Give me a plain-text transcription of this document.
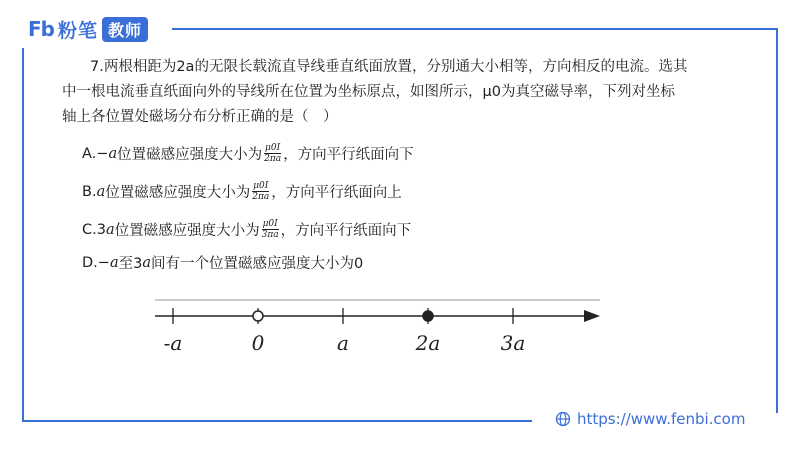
Fb 粉笔 教师
7.两根相距为2a的无限长载流直导线垂直纸面放置，分别通大小相等，方向相反的电流。选其
中一根电流垂直纸面向外的导线所在位置为坐标原点，如图所示，μ0为真空磁导率，下列对坐标
轴上各位置处磁场分布分析正确的是（　）
A.− a 位置磁感应强度大小为 $\frac{\mu 0I}{2\pi a}$ ，方向平行纸面向下
B. a 位置磁感应强度大小为 $\frac{\mu 0I}{2\pi a}$ ，方向平行纸面向上
C.3 a 位置磁感应强度大小为 $\frac{\mu 0I}{3\pi a}$ ，方向平行纸面向下
D.− a 至3 a 间有一个位置磁感应强度大小为0
-a	0	a	2a	3a
https://www.fenbi.com
